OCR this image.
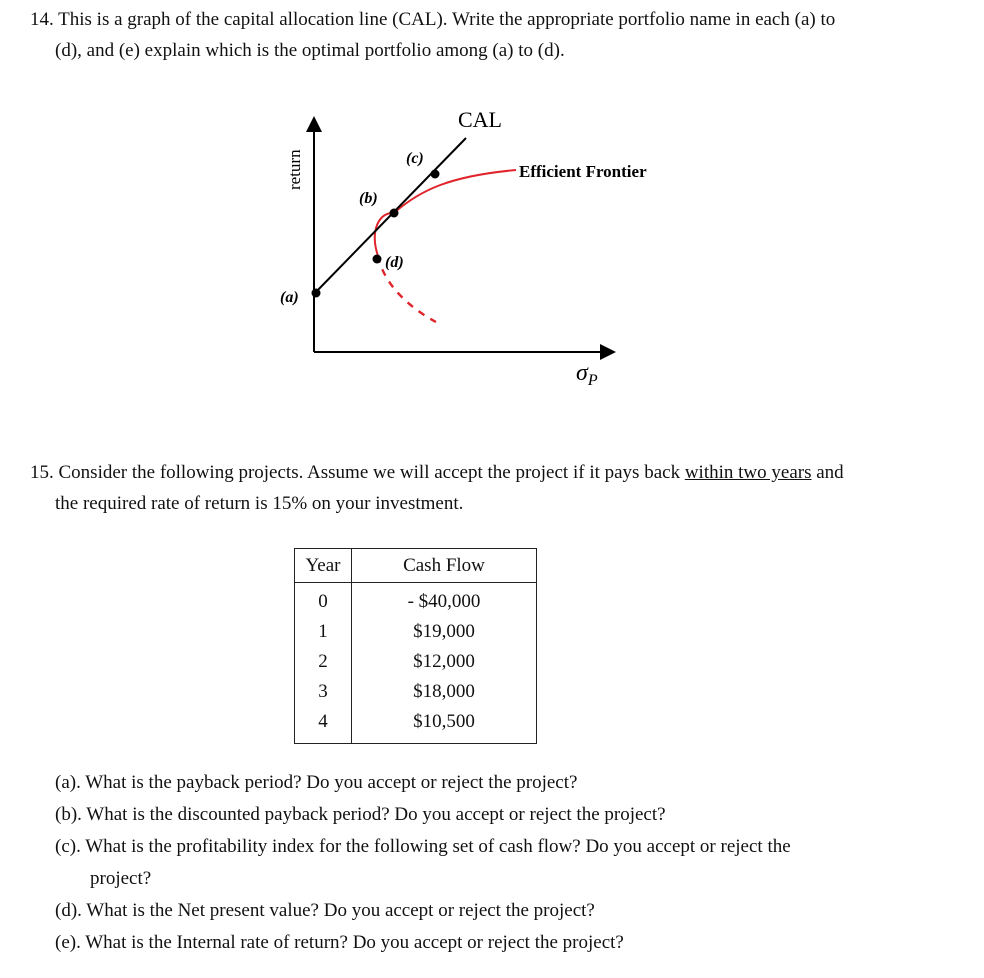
14. This is a graph of the capital allocation line (CAL). Write the appropriate portfolio name in each (a) to
(d), and (e) explain which is the optimal portfolio among (a) to (d).
return
CAL
Efficient Frontier
(a)
(b)
(c)
(d)
$\sigma_P$
15. Consider the following projects. Assume we will accept the project if it pays back within two years and
the required rate of return is 15% on your investment.
Year	Cash Flow
0	- $40,000
1	$19,000
2	$12,000
3	$18,000
4	$10,500
(a). What is the payback period? Do you accept or reject the project?
(b). What is the discounted payback period? Do you accept or reject the project?
(c). What is the profitability index for the following set of cash flow? Do you accept or reject the
project?
(d). What is the Net present value? Do you accept or reject the project?
(e). What is the Internal rate of return? Do you accept or reject the project?
